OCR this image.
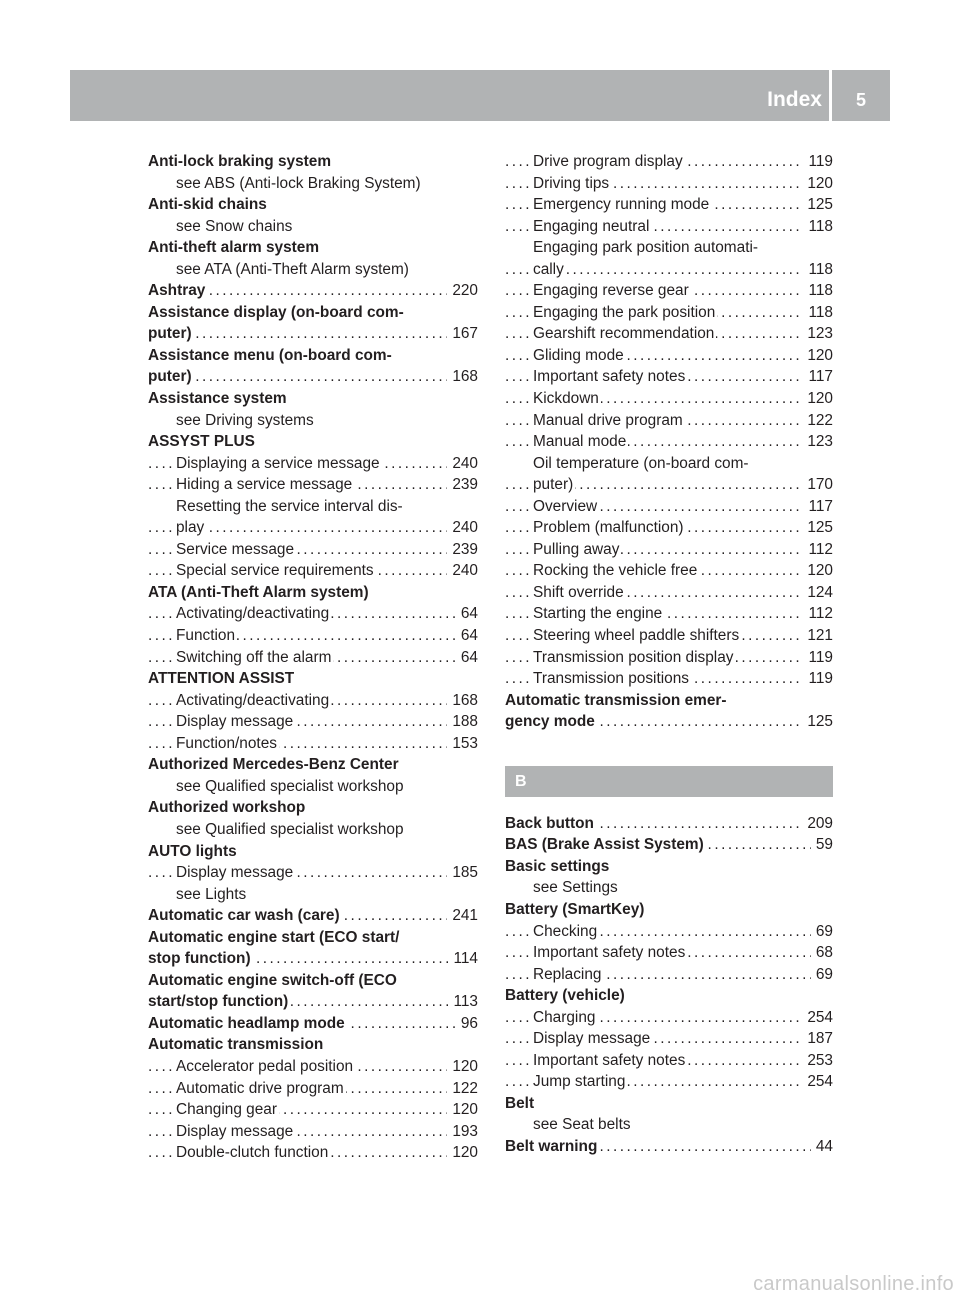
Index	5
Anti-lock braking system
see ABS (Anti-lock Braking System)
Anti-skid chains
see Snow chains
Anti-theft alarm system
see ATA (Anti-Theft Alarm system)
. . . Ashtray	220
Assistance display (on-board com-
. . . puter)	167
Assistance menu (on-board com-
. . . puter)	168
Assistance system
see Driving systems
ASSYST PLUS
. . . Displaying a service message	240
. . . Hiding a service message	239
Resetting the service interval dis-
. . . play	240
. . . Service message	239
. . . Special service requirements	240
ATA (Anti-Theft Alarm system)
. . . Activating/deactivating	64
. . . Function	64
. . . Switching off the alarm	64
ATTENTION ASSIST
. . . Activating/deactivating	168
. . . Display message	188
. . . Function/notes	153
Authorized Mercedes-Benz Center
see Qualified specialist workshop
Authorized workshop
see Qualified specialist workshop
AUTO lights
. . . Display message	185
see Lights
. . . Automatic car wash (care)	241
Automatic engine start (ECO start/
. . . stop function)	114
Automatic engine switch-off (ECO
. . . start/stop function)	113
. . . Automatic headlamp mode	96
Automatic transmission
. . . Accelerator pedal position	120
. . . Automatic drive program	122
. . . Changing gear	120
. . . Display message	193
. . . Double-clutch function	120
. . . Drive program display	119
. . . Driving tips	120
. . . Emergency running mode	125
. . . Engaging neutral	118
Engaging park position automati-
. . . cally	118
. . . Engaging reverse gear	118
. . . Engaging the park position	118
. . . Gearshift recommendation	123
. . . Gliding mode	120
. . . Important safety notes	117
. . . Kickdown	120
. . . Manual drive program	122
. . . Manual mode	123
Oil temperature (on-board com-
. . . puter)	170
. . . Overview	117
. . . Problem (malfunction)	125
. . . Pulling away	112
. . . Rocking the vehicle free	120
. . . Shift override	124
. . . Starting the engine	112
. . . Steering wheel paddle shifters	121
. . . Transmission position display	119
. . . Transmission positions	119
Automatic transmission emer-
. . . gency mode	125
B
. . . Back button	209
. . . BAS (Brake Assist System)	59
Basic settings
see Settings
Battery (SmartKey)
. . . Checking	69
. . . Important safety notes	68
. . . Replacing	69
Battery (vehicle)
. . . Charging	254
. . . Display message	187
. . . Important safety notes	253
. . . Jump starting	254
Belt
see Seat belts
. . . Belt warning	44
carmanualsonline.info
